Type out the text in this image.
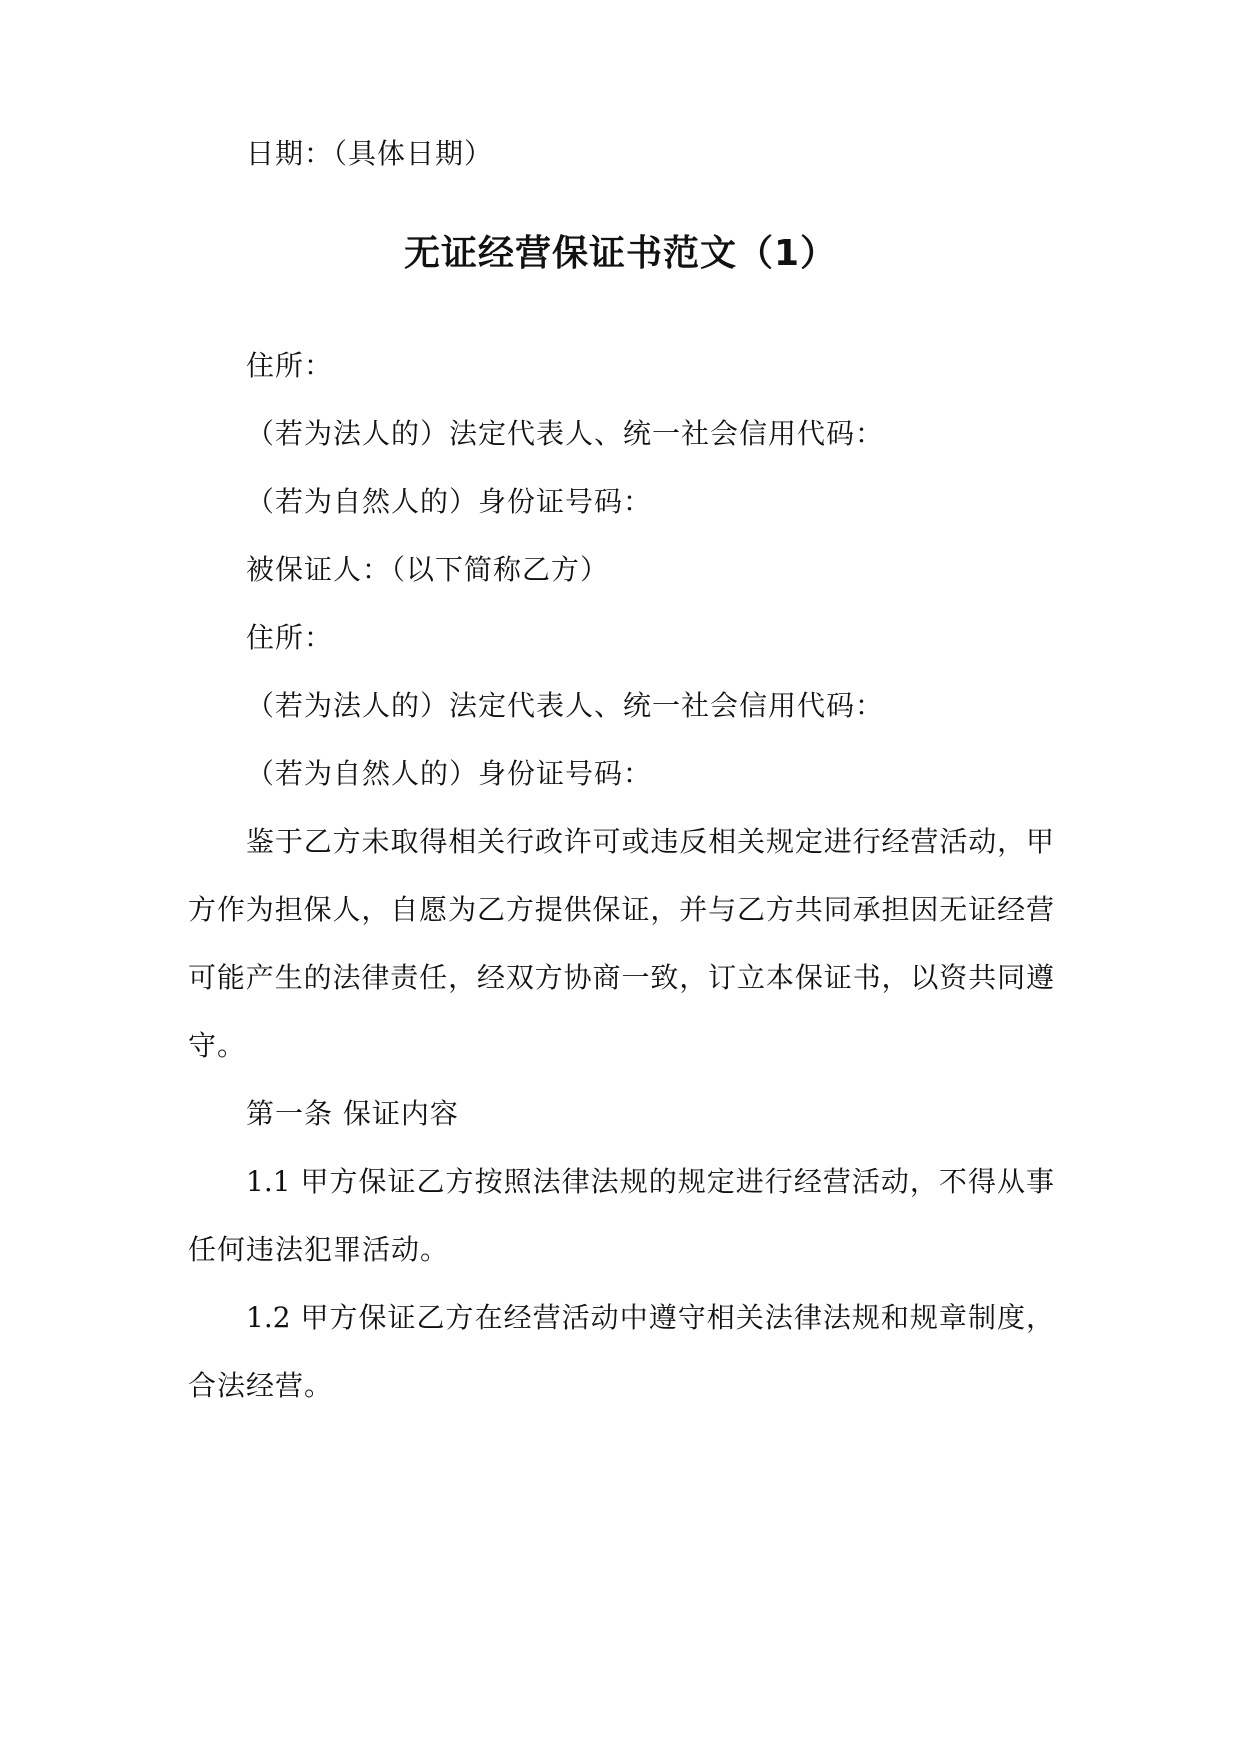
日期：（具体日期）
无证经营保证书范文（1）
住所：
（若为法人的）法定代表人、统一社会信用代码：
（若为自然人的）身份证号码：
被保证人：（以下简称乙方）
住所：
（若为法人的）法定代表人、统一社会信用代码：
（若为自然人的）身份证号码：
鉴于乙方未取得相关行政许可或违反相关规定进行经营活动，甲
方作为担保人，自愿为乙方提供保证，并与乙方共同承担因无证经营
可能产生的法律责任，经双方协商一致，订立本保证书，以资共同遵
守。
第一条 保证内容
1.1 甲方保证乙方按照法律法规的规定进行经营活动，不得从事
任何违法犯罪活动。
1.2 甲方保证乙方在经营活动中遵守相关法律法规和规章制度，
合法经营。
